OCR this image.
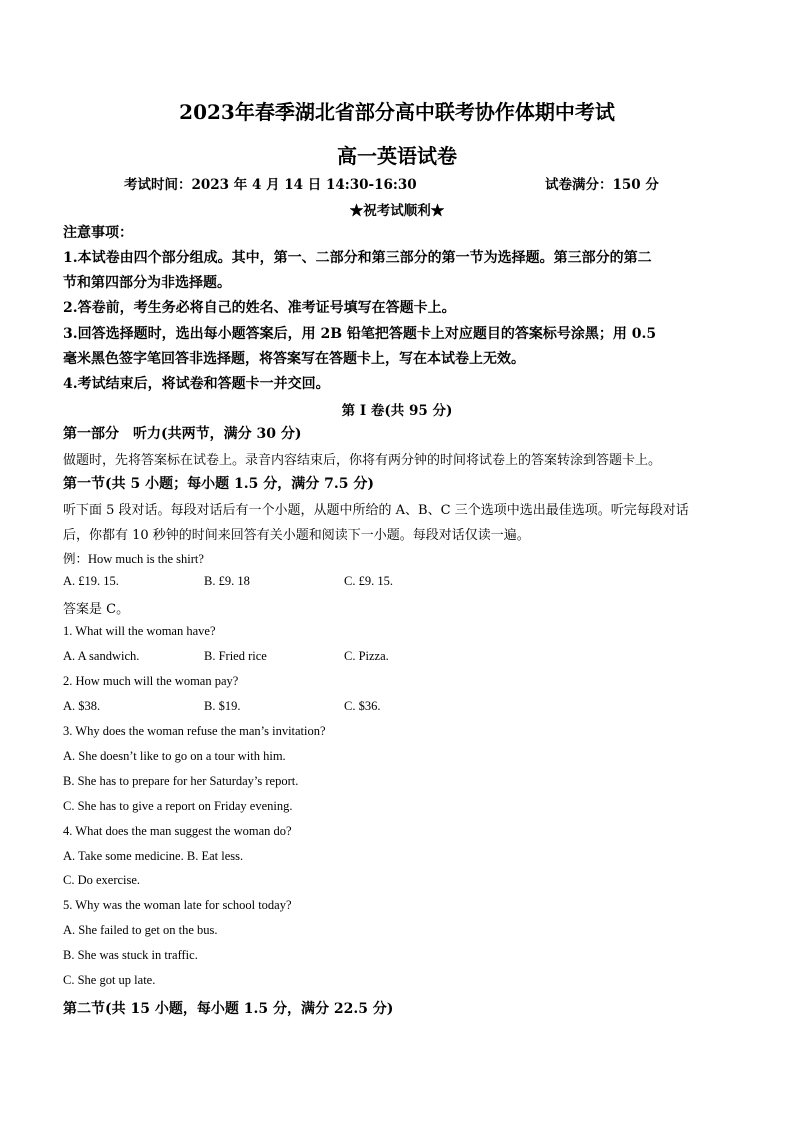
2023年春季湖北省部分高中联考协作体期中考试
高一英语试卷
考试时间：2023 年 4 月 14 日 14:30-16:30	试卷满分：150 分
★祝考试顺利★
注意事项：
1.本试卷由四个部分组成。其中，第一、二部分和第三部分的第一节为选择题。第三部分的第二
节和第四部分为非选择题。
2.答卷前，考生务必将自己的姓名、准考证号填写在答题卡上。
3.回答选择题时，选出每小题答案后，用 2B 铅笔把答题卡上对应题目的答案标号涂黑；用 0.5
毫米黑色签字笔回答非选择题，将答案写在答题卡上，写在本试卷上无效。
4.考试结束后，将试卷和答题卡一并交回。
第 I 卷(共 95 分)
第一部分　听力(共两节，满分 30 分)
做题时，先将答案标在试卷上。录音内容结束后，你将有两分钟的时间将试卷上的答案转涂到答题卡上。
第一节(共 5 小题；每小题 1.5 分，满分 7.5 分)
听下面 5 段对话。每段对话后有一个小题，从题中所给的 A、B、C 三个选项中选出最佳选项。听完每段对话
后，你都有 10 秒钟的时间来回答有关小题和阅读下一小题。每段对话仅读一遍。
例：How much is the shirt?
A. £19. 15.	B. £9. 18	C. £9. 15.
答案是 C。
1. What will the woman have?
A. A sandwich.	B. Fried rice	C. Pizza.
2. How much will the woman pay?
A. $38.	B. $19.	C. $36.
3. Why does the woman refuse the man’s invitation?
A. She doesn’t like to go on a tour with him.
B. She has to prepare for her Saturday’s report.
C. She has to give a report on Friday evening.
4. What does the man suggest the woman do?
A. Take some medicine. B. Eat less.
C. Do exercise.
5. Why was the woman late for school today?
A. She failed to get on the bus.
B. She was stuck in traffic.
C. She got up late.
第二节(共 15 小题，每小题 1.5 分，满分 22.5 分)
